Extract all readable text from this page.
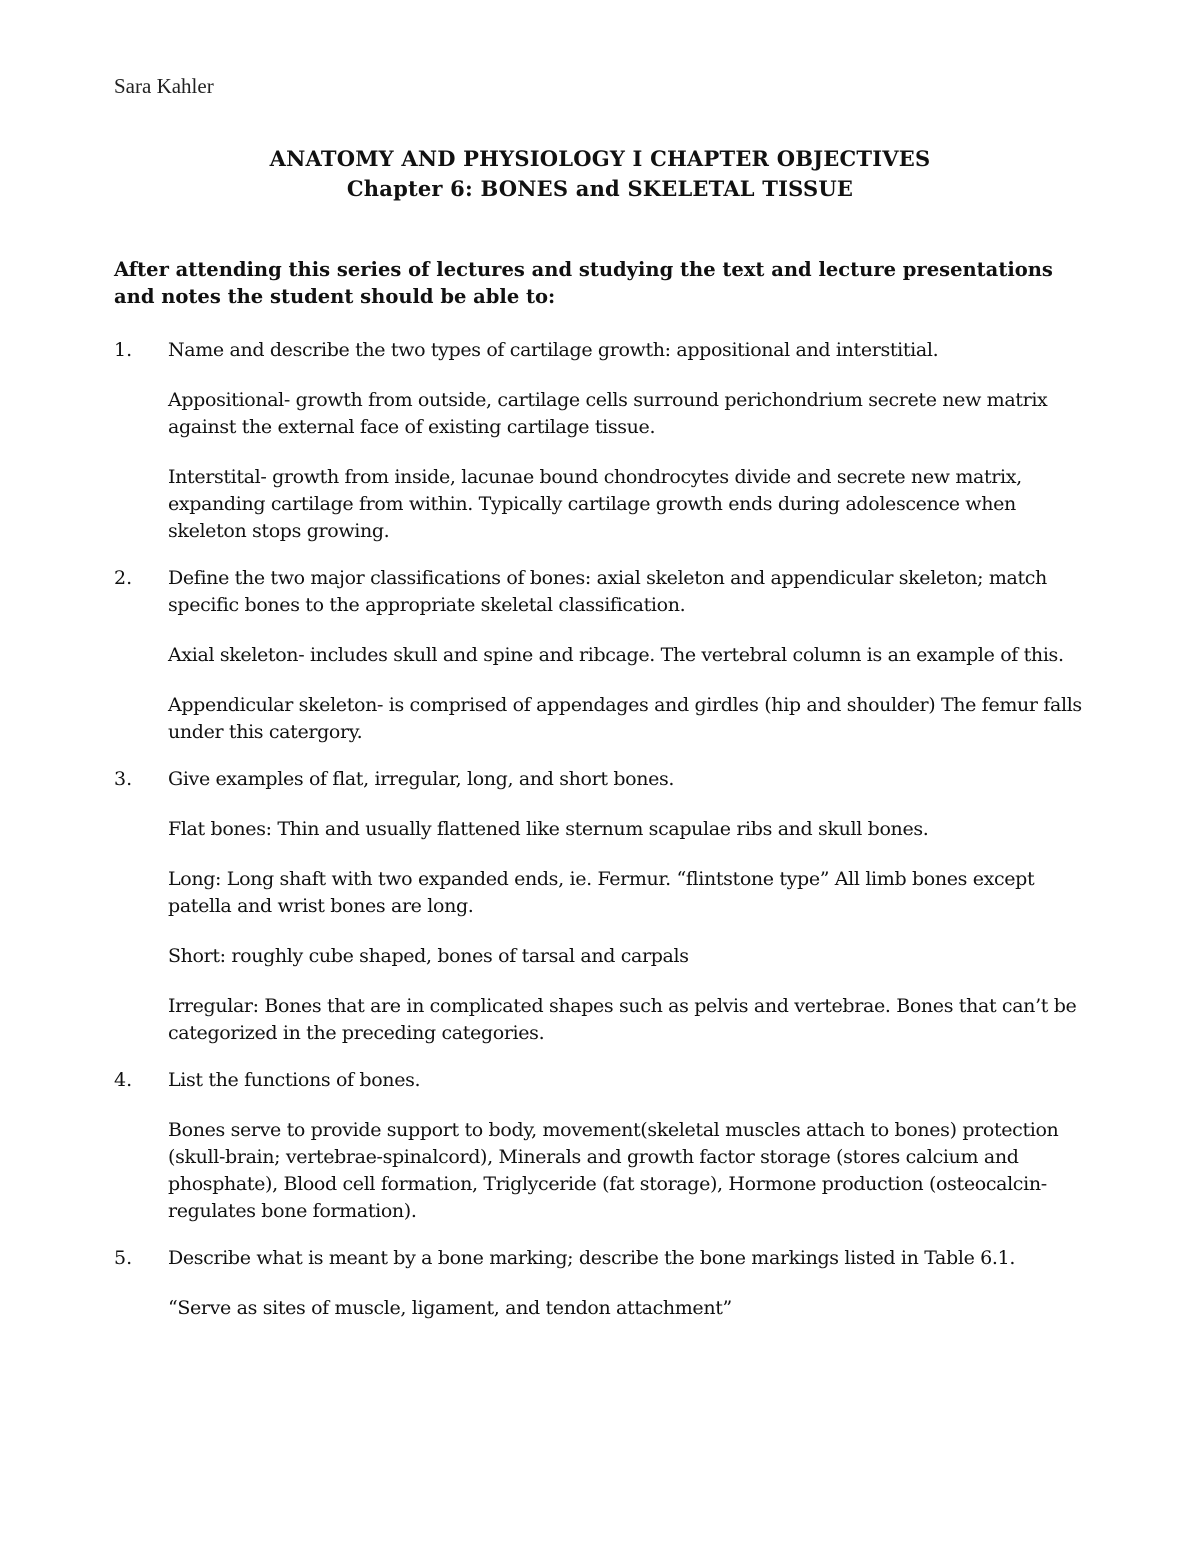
Sara Kahler
ANATOMY AND PHYSIOLOGY I CHAPTER OBJECTIVES
Chapter 6: BONES and SKELETAL TISSUE
After attending this series of lectures and studying the text and lecture presentations and notes the student should be able to:
1. Name and describe the two types of cartilage growth: appositional and interstitial.

Appositional- growth from outside, cartilage cells surround perichondrium secrete new matrix against the external face of existing cartilage tissue.

Interstital- growth from inside, lacunae bound chondrocytes divide and secrete new matrix, expanding cartilage from within. Typically cartilage growth ends during adolescence when skeleton stops growing.

2. Define the two major classifications of bones: axial skeleton and appendicular skeleton; match specific bones to the appropriate skeletal classification.

Axial skeleton- includes skull and spine and ribcage. The vertebral column is an example of this.

Appendicular skeleton- is comprised of appendages and girdles (hip and shoulder) The femur falls under this catergory.

3. Give examples of flat, irregular, long, and short bones.

Flat bones: Thin and usually flattened like sternum scapulae ribs and skull bones.

Long: Long shaft with two expanded ends, ie. Fermur. “flintstone type” All limb bones except patella and wrist bones are long.

Short: roughly cube shaped, bones of tarsal and carpals

Irregular: Bones that are in complicated shapes such as pelvis and vertebrae. Bones that can’t be categorized in the preceding categories.

4. List the functions of bones.

Bones serve to provide support to body, movement(skeletal muscles attach to bones) protection (skull-brain; vertebrae-spinalcord), Minerals and growth factor storage (stores calcium and phosphate), Blood cell formation, Triglyceride (fat storage), Hormone production (osteocalcin-regulates bone formation).

5. Describe what is meant by a bone marking; describe the bone markings listed in Table 6.1.

“Serve as sites of muscle, ligament, and tendon attachment”
